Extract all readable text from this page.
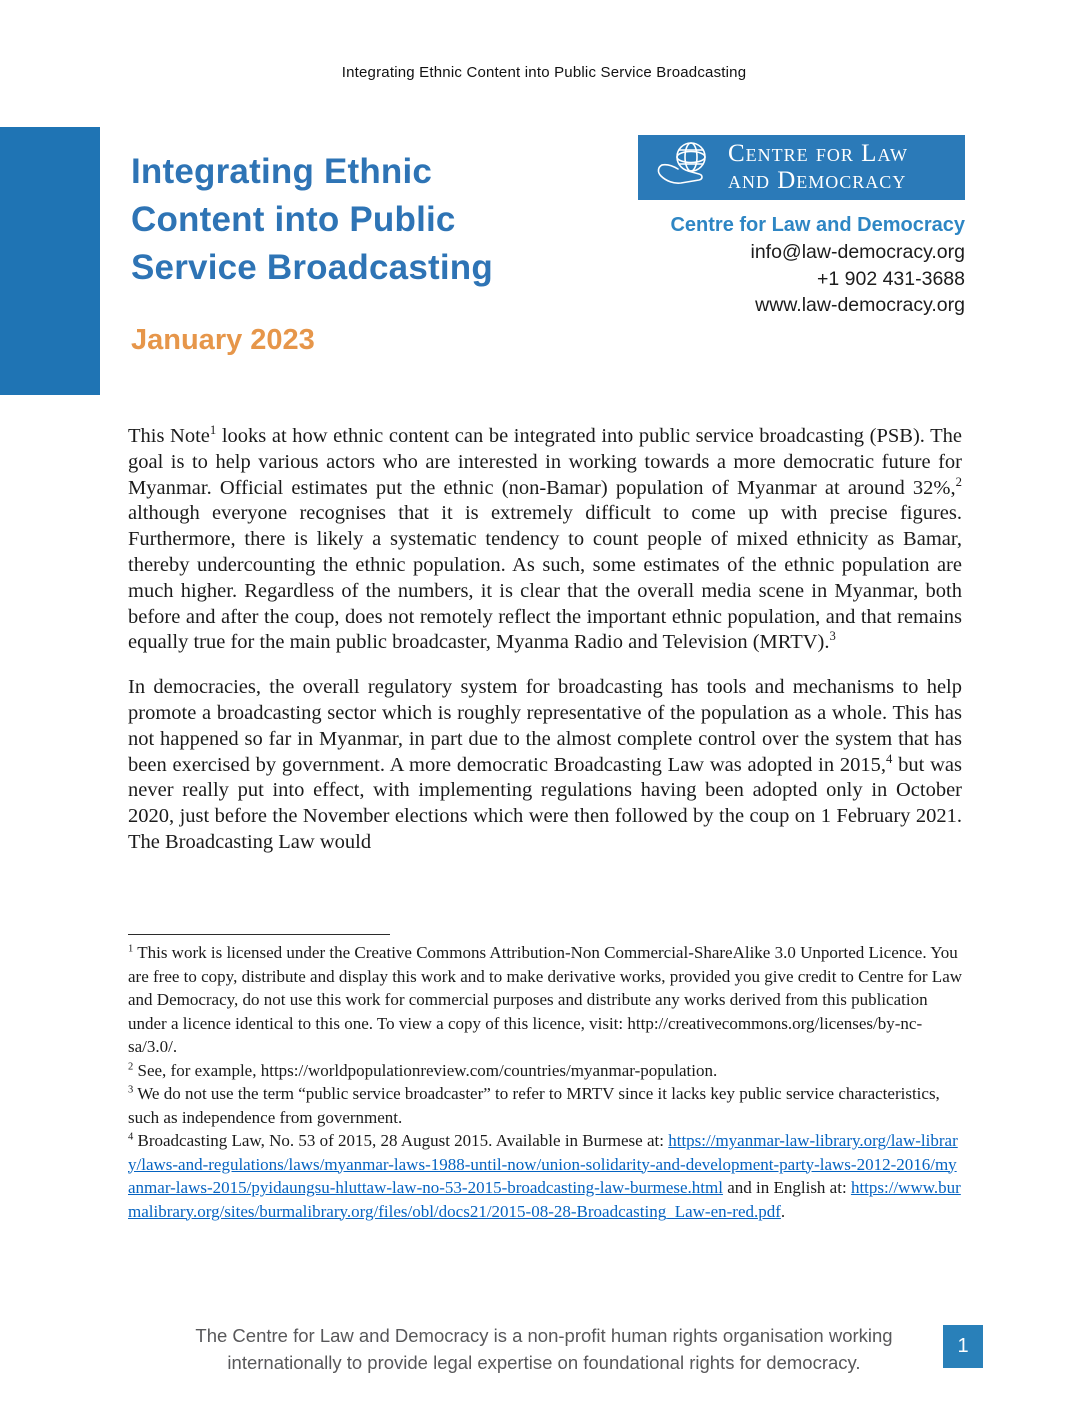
Integrating Ethnic Content into Public Service Broadcasting
Integrating Ethnic
Content into Public
Service Broadcasting
January 2023
Centre for Law
and Democracy
Centre for Law and Democracy
info@law-democracy.org
+1 902 431-3688
www.law-democracy.org

This Note$^1$ looks at how ethnic content can be integrated into public service broadcasting (PSB). The goal is to help various actors who are interested in working towards a more democratic future for Myanmar. Official estimates put the ethnic (non-Bamar) population of Myanmar at around 32%,$^2$ although everyone recognises that it is extremely difficult to come up with precise figures. Furthermore, there is likely a systematic tendency to count people of mixed ethnicity as Bamar, thereby undercounting the ethnic population. As such, some estimates of the ethnic population are much higher. Regardless of the numbers, it is clear that the overall media scene in Myanmar, both before and after the coup, does not remotely reflect the important ethnic population, and that remains equally true for the main public broadcaster, Myanma Radio and Television (MRTV).$^3$

In democracies, the overall regulatory system for broadcasting has tools and mechanisms to help promote a broadcasting sector which is roughly representative of the population as a whole. This has not happened so far in Myanmar, in part due to the almost complete control over the system that has been exercised by government. A more democratic Broadcasting Law was adopted in 2015,$^4$ but was never really put into effect, with implementing regulations having been adopted only in October 2020, just before the November elections which were then followed by the coup on 1 February 2021. The Broadcasting Law would

$^1$ This work is licensed under the Creative Commons Attribution-Non Commercial-ShareAlike 3.0 Unported Licence. You are free to copy, distribute and display this work and to make derivative works, provided you give credit to Centre for Law and Democracy, do not use this work for commercial purposes and distribute any works derived from this publication under a licence identical to this one. To view a copy of this licence, visit: http://creativecommons.org/licenses/by-nc-sa/3.0/.
$^2$ See, for example, https://worldpopulationreview.com/countries/myanmar-population.
$^3$ We do not use the term “public service broadcaster” to refer to MRTV since it lacks key public service characteristics, such as independence from government.
$^4$ Broadcasting Law, No. 53 of 2015, 28 August 2015. Available in Burmese at: https://myanmar-law-library.org/law-library/laws-and-regulations/laws/myanmar-laws-1988-until-now/union-solidarity-and-development-party-laws-2012-2016/myanmar-laws-2015/pyidaungsu-hluttaw-law-no-53-2015-broadcasting-law-burmese.html and in English at: https://www.burmalibrary.org/sites/burmalibrary.org/files/obl/docs21/2015-08-28-Broadcasting_Law-en-red.pdf.
The Centre for Law and Democracy is a non-profit human rights organisation working
internationally to provide legal expertise on foundational rights for democracy.
1
